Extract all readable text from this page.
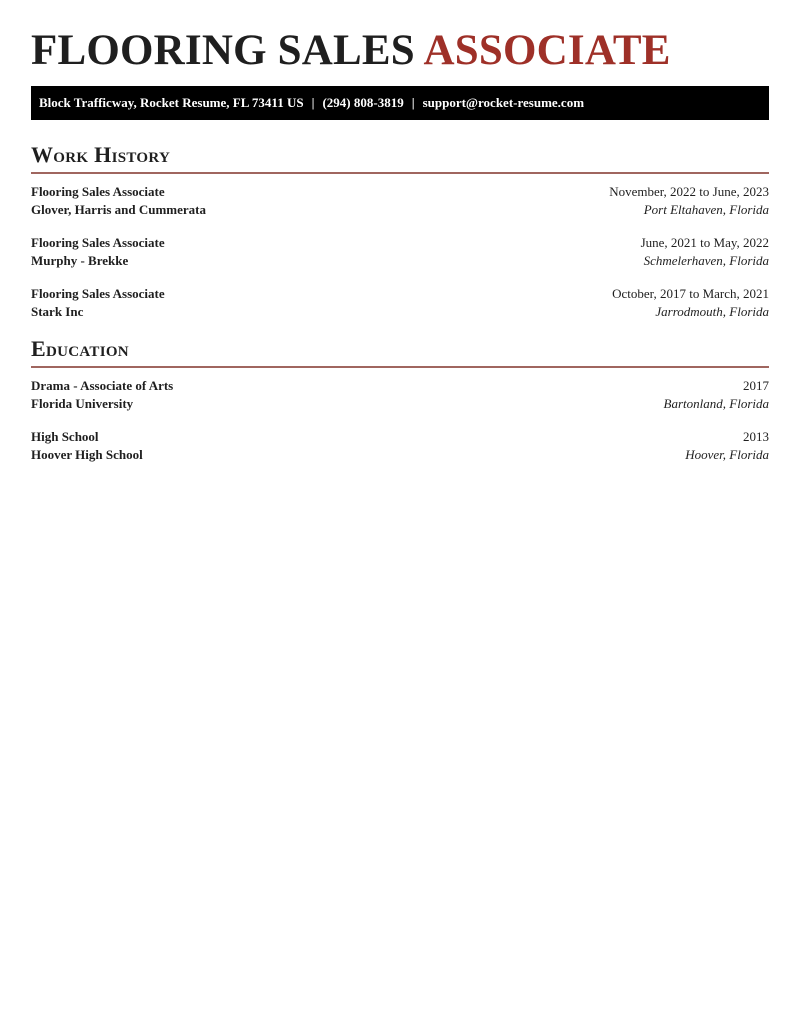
FLOORING SALES ASSOCIATE
Block Trafficway, Rocket Resume, FL 73411 US | (294) 808-3819 | support@rocket-resume.com
Work History
Flooring Sales Associate	November, 2022 to June, 2023
Glover, Harris and Cummerata	Port Eltahaven, Florida
Flooring Sales Associate	June, 2021 to May, 2022
Murphy - Brekke	Schmelerhaven, Florida
Flooring Sales Associate	October, 2017 to March, 2021
Stark Inc	Jarrodmouth, Florida
Education
Drama - Associate of Arts	2017
Florida University	Bartonland, Florida
High School	2013
Hoover High School	Hoover, Florida
